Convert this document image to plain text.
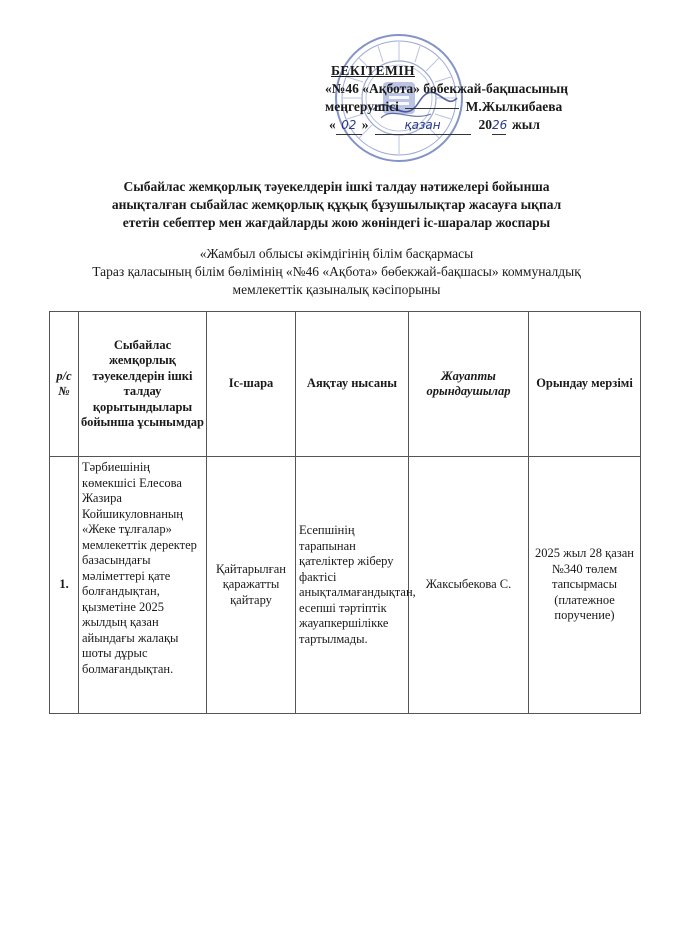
БЕКІТЕМІН
«№46 «Ақбота» бөбекжай-бақшасының
меңгерушісі	М.Жылкибаева
« 02 »	қазан	20 26 жыл
Сыбайлас жемқорлық тәуекелдерін ішкі талдау нәтижелері бойынша
анықталған сыбайлас жемқорлық құқық бұзушылықтар жасауға ықпал
ететін себептер мен жағдайларды жою жөніндегі іс-шаралар жоспары
«Жамбыл облысы әкімдігінің білім басқармасы
Тараз қаласының білім бөлімінің «№46 «Ақбота» бөбекжай-бақшасы» коммуналдық
мемлекеттік қазыналық кәсіпорыны
р/с №	Сыбайлас жемқорлық тәуекелдерін ішкі талдау қорытындылары бойынша ұсынымдар	Іс-шара	Аяқтау нысаны	Жауапты орындаушылар	Орындау мерзімі
1.	Тәрбиешінің көмекшісі Елесова Жазира Койшикуловнаның «Жеке тұлғалар» мемлекеттік деректер базасындағы мәліметтері қате болғандықтан, қызметіне 2025 жылдың қазан айындағы жалақы шоты дұрыс болмағандықтан.	Қайтарылған қаражатты қайтару	Есепшінің тарапынан қателіктер жіберу фактісі анықталмағандықтан, есепші тәртіптік жауапкершілікке тартылмады.	Жаксыбекова С.	2025 жыл 28 қазан №340 төлем тапсырмасы (платежное поручение)
